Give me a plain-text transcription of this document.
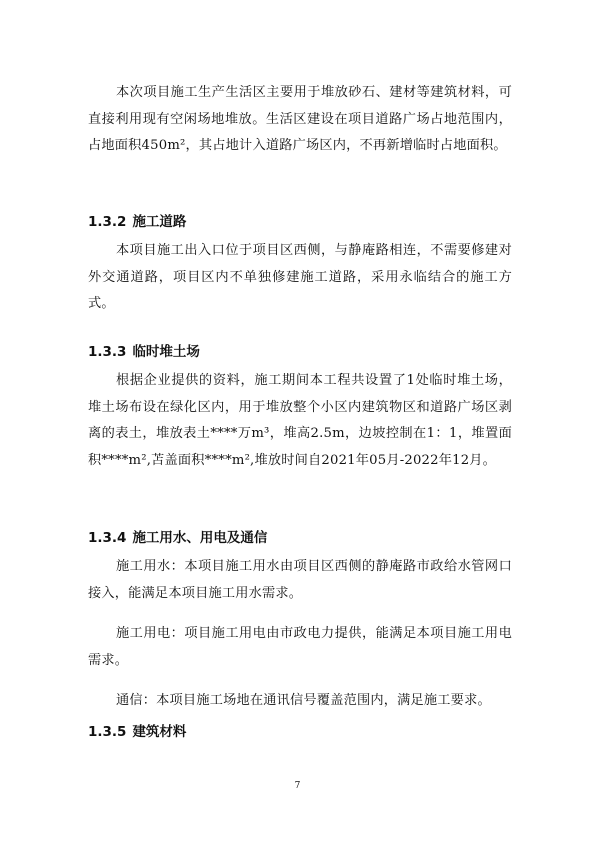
本次项目施工生产生活区主要用于堆放砂石、建材等建筑材料，可直接利用现有空闲场地堆放。生活区建设在项目道路广场占地范围内，占地面积450m²，其占地计入道路广场区内，不再新增临时占地面积。

1.3.2 施工道路

本项目施工出入口位于项目区西侧，与静庵路相连，不需要修建对外交通道路，项目区内不单独修建施工道路，采用永临结合的施工方式。

1.3.3 临时堆土场

根据企业提供的资料，施工期间本工程共设置了1处临时堆土场，堆土场布设在绿化区内，用于堆放整个小区内建筑物区和道路广场区剥离的表土，堆放表土****万m³，堆高2.5m，边坡控制在1：1，堆置面积****m²,苫盖面积****m²,堆放时间自2021年05月-2022年12月。

1.3.4 施工用水、用电及通信

施工用水：本项目施工用水由项目区西侧的静庵路市政给水管网口接入，能满足本项目施工用水需求。

施工用电：项目施工用电由市政电力提供，能满足本项目施工用电需求。

通信：本项目施工场地在通讯信号覆盖范围内，满足施工要求。

1.3.5 建筑材料
7
